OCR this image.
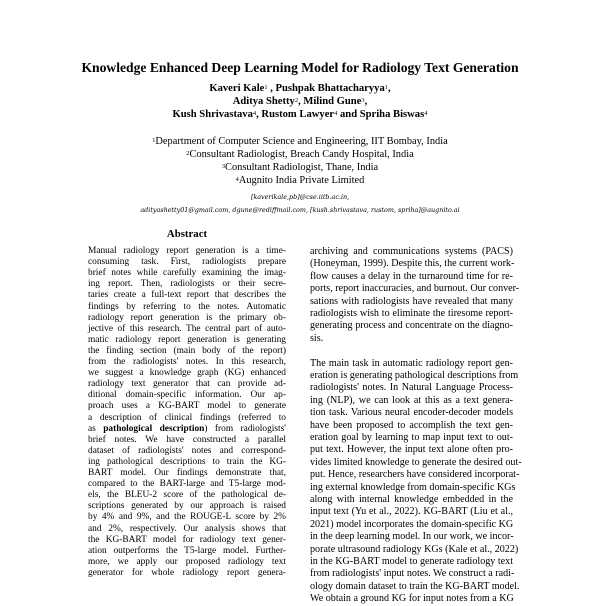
Knowledge Enhanced Deep Learning Model for Radiology Text Generation
Kaveri Kale$^1$ , Pushpak Bhattacharyya$^1$,
Aditya Shetty$^2$, Milind Gune$^3$,
Kush Shrivastava$^4$, Rustom Lawyer$^4$ and Spriha Biswas$^4$
$^1$Department of Computer Science and Engineering, IIT Bombay, India
$^2$Consultant Radiologist, Breach Candy Hospital, India
$^3$Consultant Radiologist, Thane, India
$^4$Augnito India Private Limited
[kaverikale,pb]@cse.iitb.ac.in,
adityashetty01@gmail.com, dgune@rediffmail.com, [kush.shrivastava, rustom, spriha]@augnito.ai
Abstract
Manual radiology report generation is a time-
consuming task. First, radiologists prepare
brief notes while carefully examining the imag-
ing report. Then, radiologists or their secre-
taries create a full-text report that describes the
findings by referring to the notes. Automatic
radiology report generation is the primary ob-
jective of this research. The central part of auto-
matic radiology report generation is generating
the finding section (main body of the report)
from the radiologists' notes. In this research,
we suggest a knowledge graph (KG) enhanced
radiology text generator that can provide ad-
ditional domain-specific information. Our ap-
proach uses a KG-BART model to generate
a description of clinical findings (referred to
as pathological description) from radiologists'
brief notes. We have constructed a parallel
dataset of radiologists' notes and correspond-
ing pathological descriptions to train the KG-
BART model. Our findings demonstrate that,
compared to the BART-large and T5-large mod-
els, the BLEU-2 score of the pathological de-
scriptions generated by our approach is raised
by 4% and 9%, and the ROUGE-L score by 2%
and 2%, respectively. Our analysis shows that
the KG-BART model for radiology text gener-
ation outperforms the T5-large model. Further-
more, we apply our proposed radiology text
generator for whole radiology report genera-
archiving and communications systems (PACS)
(Honeyman, 1999). Despite this, the current work-
flow causes a delay in the turnaround time for re-
ports, report inaccuracies, and burnout. Our conver-
sations with radiologists have revealed that many
radiologists wish to eliminate the tiresome report-
generating process and concentrate on the diagno-
sis.
The main task in automatic radiology report gen-
eration is generating pathological descriptions from
radiologists' notes. In Natural Language Process-
ing (NLP), we can look at this as a text genera-
tion task. Various neural encoder-decoder models
have been proposed to accomplish the text gen-
eration goal by learning to map input text to out-
put text. However, the input text alone often pro-
vides limited knowledge to generate the desired out-
put. Hence, researchers have considered incorporat-
ing external knowledge from domain-specific KGs
along with internal knowledge embedded in the
input text (Yu et al., 2022). KG-BART (Liu et al.,
2021) model incorporates the domain-specific KG
in the deep learning model. In our work, we incor-
porate ultrasound radiology KGs (Kale et al., 2022)
in the KG-BART model to generate radiology text
from radiologists' input notes. We construct a radi-
ology domain dataset to train the KG-BART model.
We obtain a ground KG for input notes from a KG
